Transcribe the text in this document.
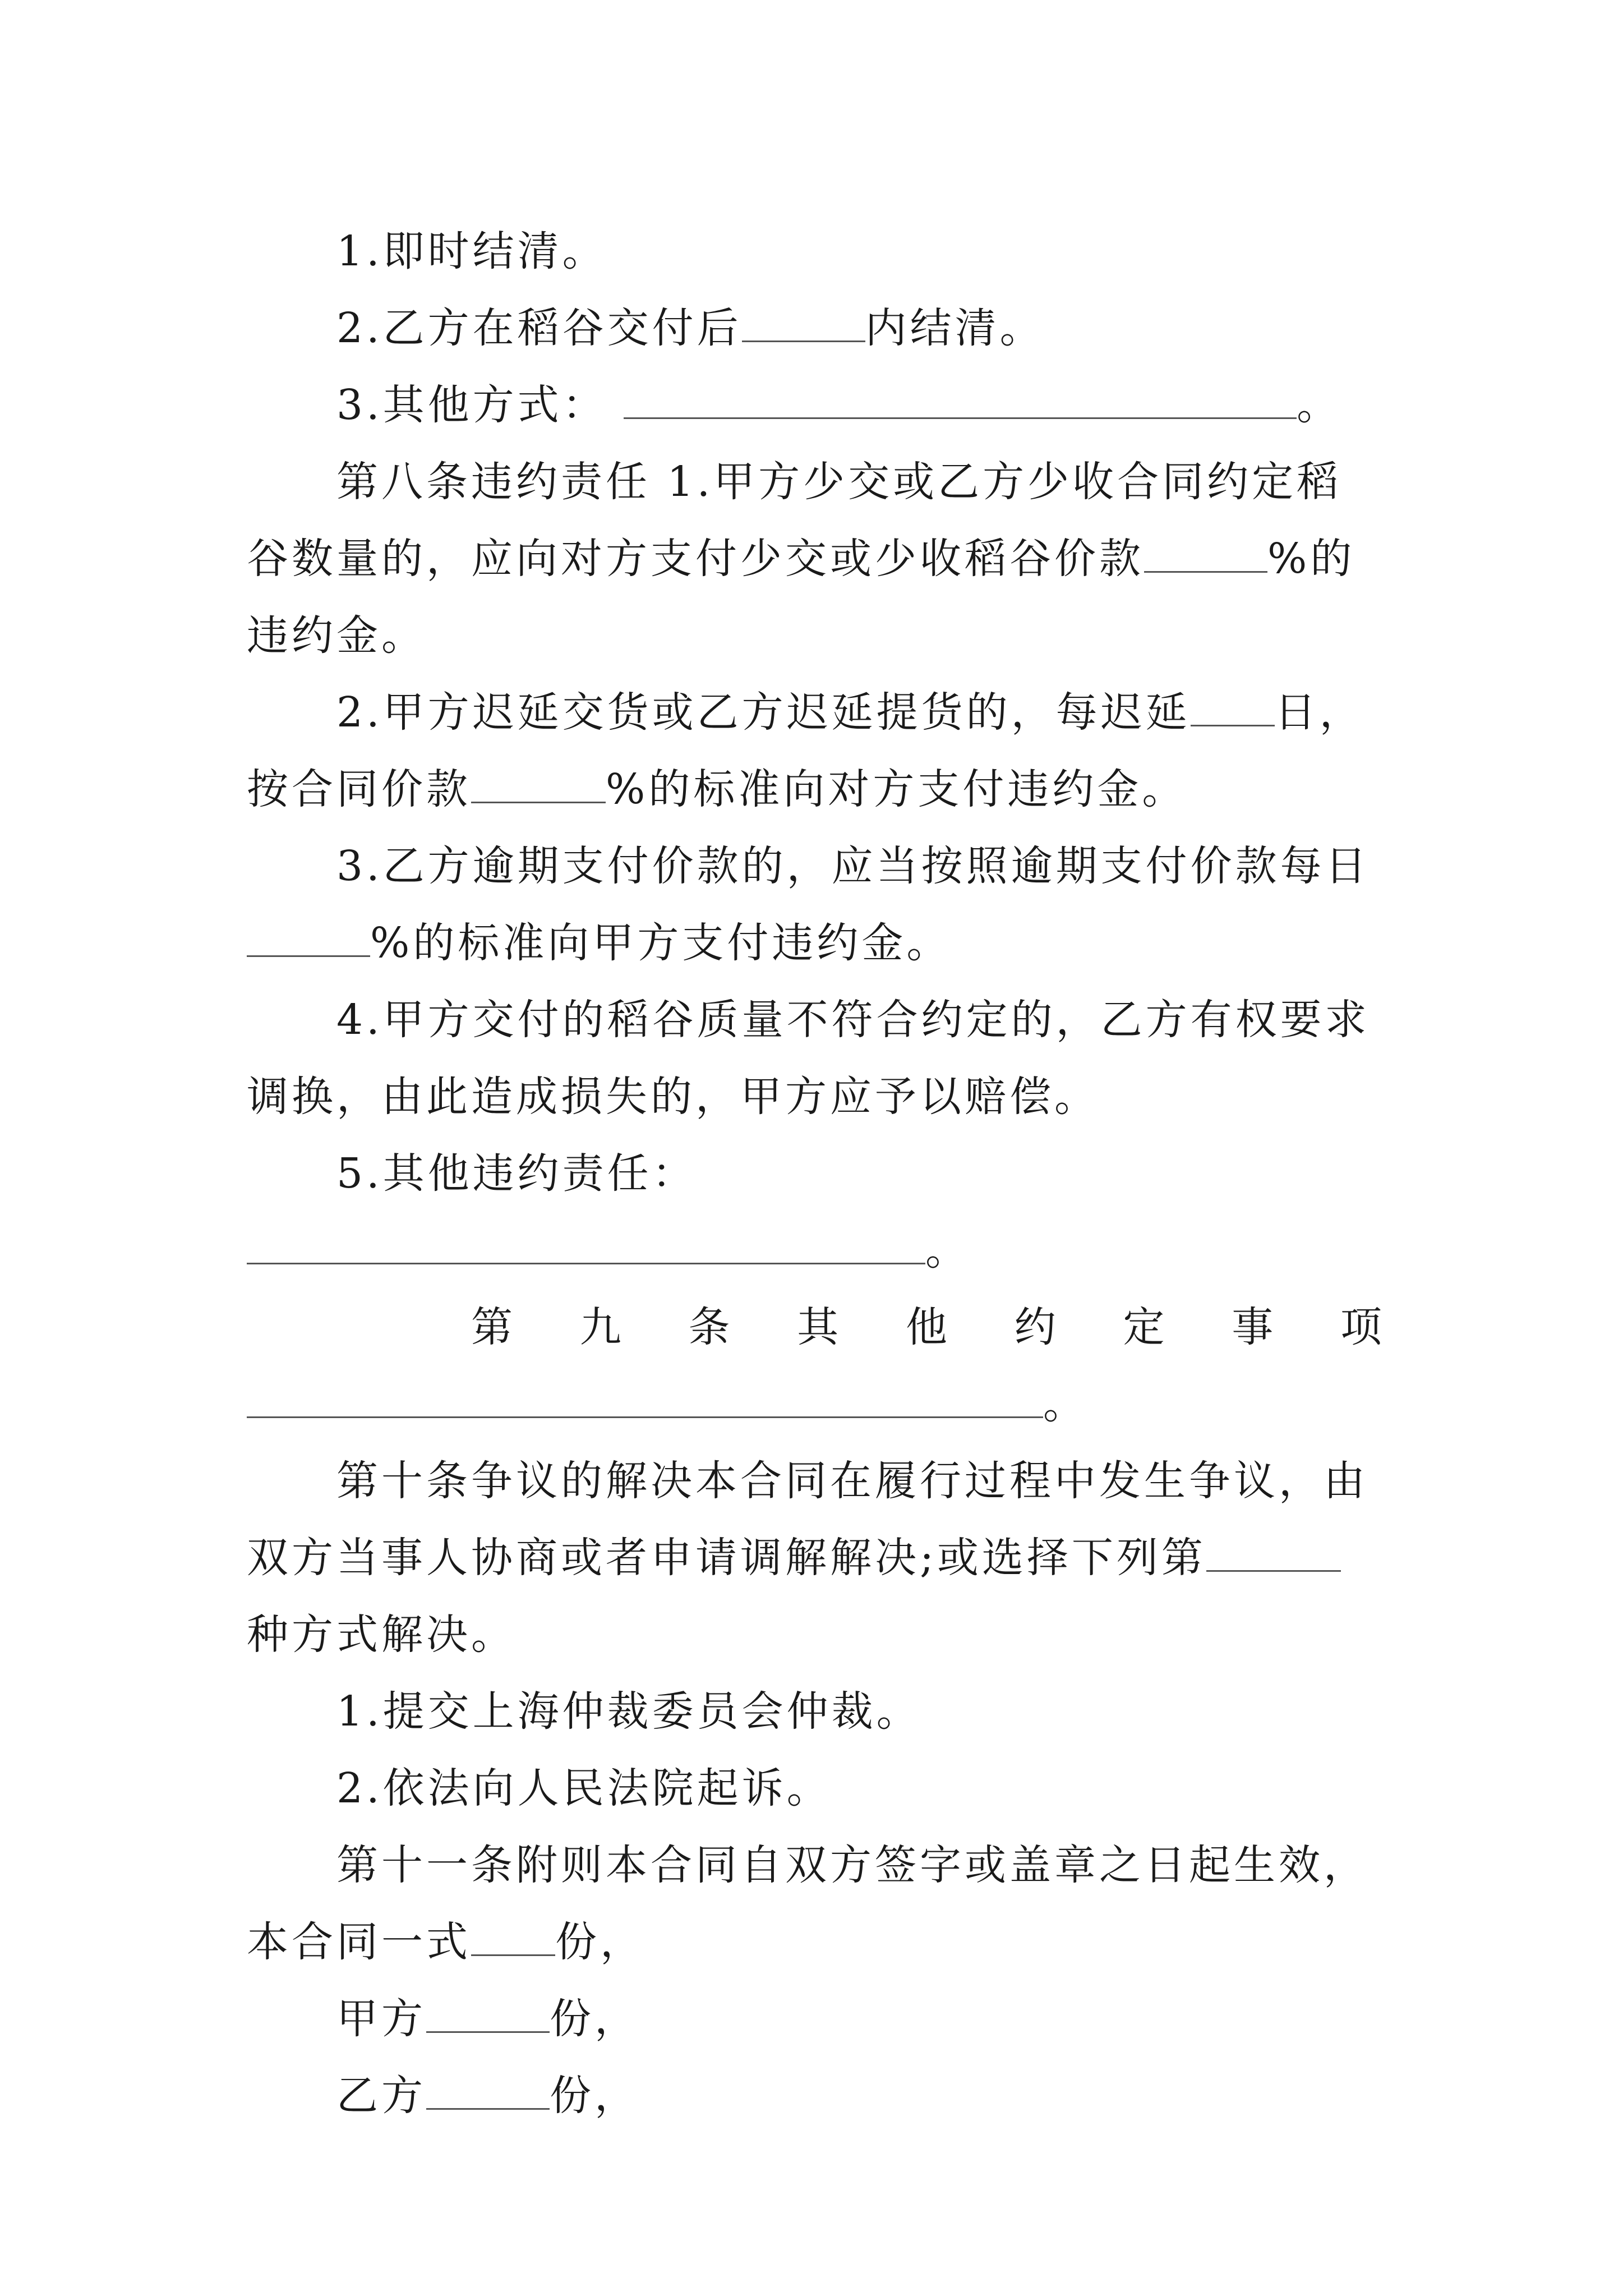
1.即时结清。

2.乙方在稻谷交付后	内结清。

3.其他方式：	。

第八条违约责任 1.甲方少交或乙方少收合同约定稻谷数量的，应向对方支付少交或少收稻谷价款	%的违约金。

2.甲方迟延交货或乙方迟延提货的，每迟延 日，按合同价款	%的标准向对方支付违约金。

3.乙方逾期支付价款的，应当按照逾期支付价款每日%的标准向甲方支付违约金。

4.甲方交付的稻谷质量不符合约定的，乙方有权要求调换，由此造成损失的，甲方应予以赔偿。

5.其他违约责任： 。

第九条其他约定事项

。

第十条争议的解决本合同在履行过程中发生争议，由双方当事人协商或者申请调解解决;或选择下列第种方式解决。

1.提交上海仲裁委员会仲裁。

2.依法向人民法院起诉。

第十一条附则本合同自双方签字或盖章之日起生效，本合同一式 份，

甲方	份，

乙方	份，
